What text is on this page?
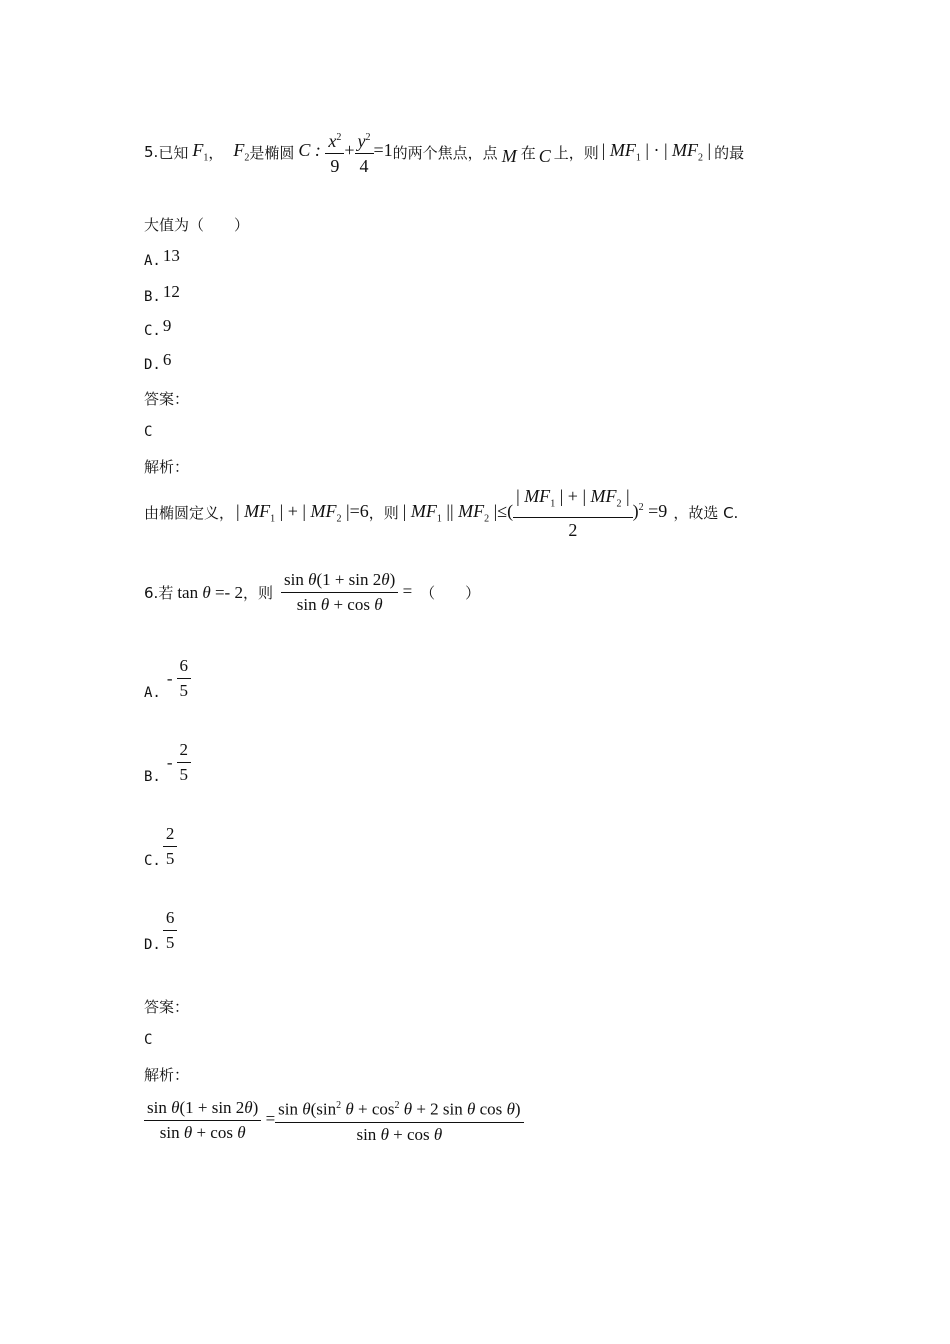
5. 已知 $F_1$ ， $F_2$ 是椭圆 C : $\frac{x^2}{9} + \frac{y^2}{4} =1$ 的两个焦点，点 M 在 C 上，则 | $MF_1$ | · | $MF_2$ | 的最
大值为（　　）
A. 13
B. 12
C. 9
D. 6
答案：
C
解析：
由椭圆定义， | $MF_1$ | + | $MF_2$ |=6 ，则 | $MF_1$ || $MF_2$ |≤( $\frac{| MF_1 | + | MF_2 |}{2} )^2 =9$ ，故选 C.
6. 若 tan θ =- 2 ，则 $\frac{\text{sin θ(1 + sin 2θ)}}{\text{sin θ + cos θ}}$ = （　　）
A.
- $\frac{6}{5}$
B.
- $\frac{2}{5}$
C. $\frac{2}{5}$
D. $\frac{6}{5}$
答案：
C
解析：
$\frac{\text{sin θ(1 + sin 2θ)}}{\text{sin θ + cos θ}} = \frac{\sin \theta(\sin^2 \theta + \cos^2 \theta + 2 \sin \theta \cos \theta)}{\text{sin θ + cos θ}}$
